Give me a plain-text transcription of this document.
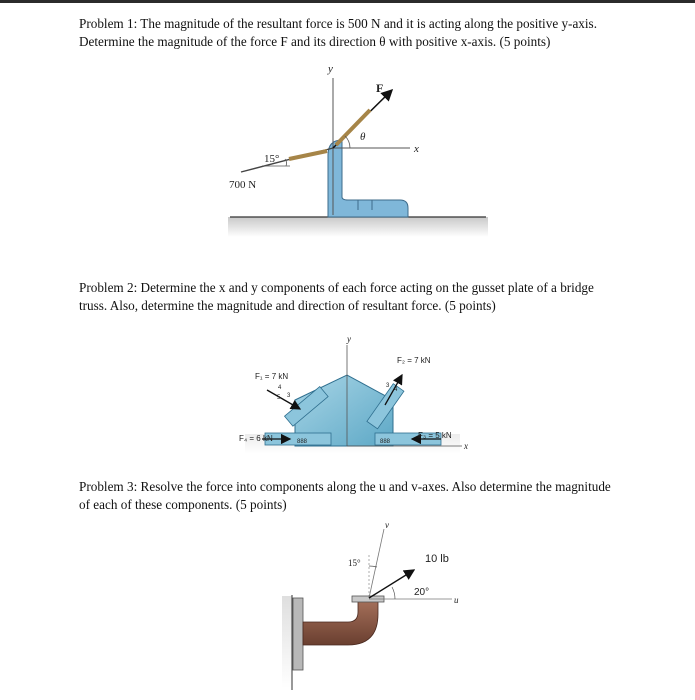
Problem 1: The magnitude of the resultant force is 500 N and it is acting along the positive y-axis. Determine the magnitude of the force F and its direction θ with positive x-axis. (5 points)

Problem 2: Determine the x and y components of each force acting on the gusset plate of a bridge truss. Also, determine the magnitude and direction of resultant force. (5 points)

Problem 3: Resolve the force into components along the u and v-axes. Also determine the magnitude of each of these components. (5 points)

y
x
F
θ
15°
700 N
888	888
y
x
F₁ = 7 kN
4
5 3
F₂ = 7 kN
4
3
F₃ = 5 kN
F₄ = 6 kN
v
u
15°	10 lb
20°
